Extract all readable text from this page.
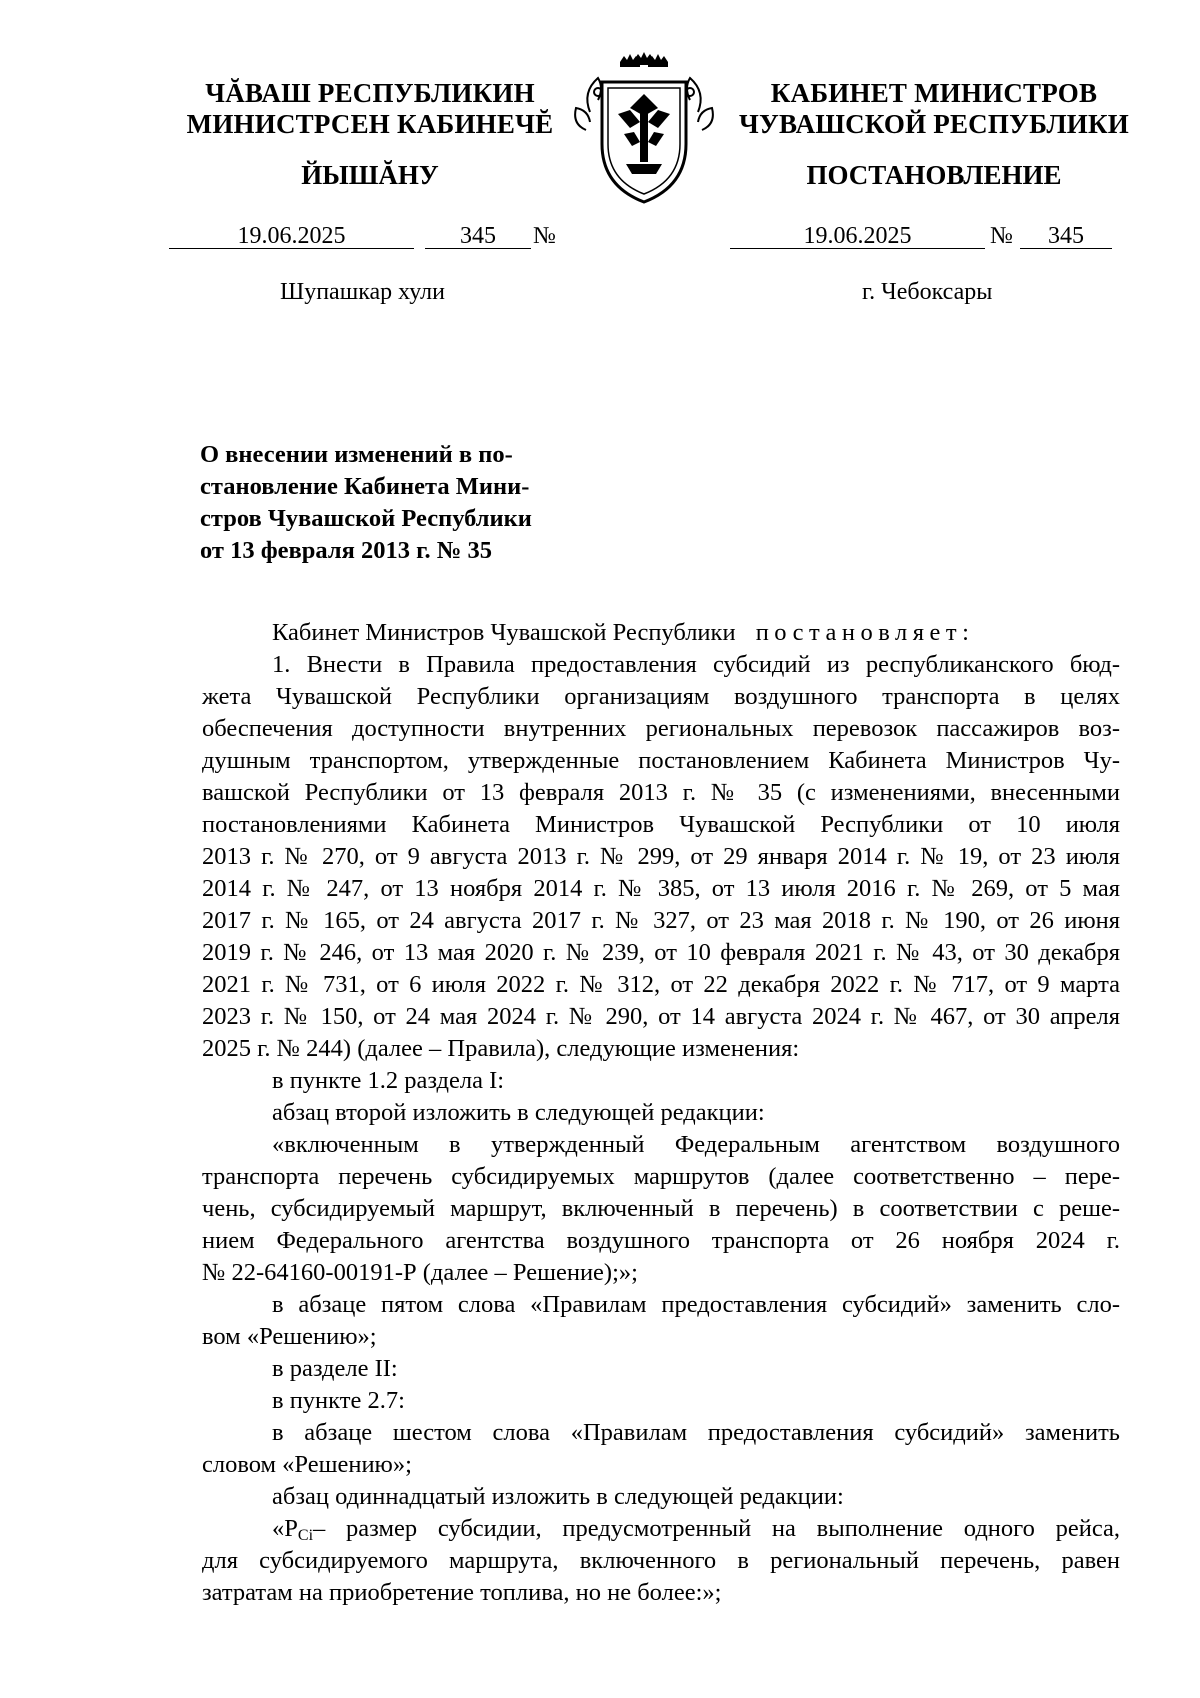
ЧĂВАШ РЕСПУБЛИКИН
МИНИСТРСЕН КАБИНЕЧĔ
ЙЫШĂНУ
КАБИНЕТ МИНИСТРОВ
ЧУВАШСКОЙ РЕСПУБЛИКИ
ПОСТАНОВЛЕНИЕ
19.06.2025	345	№	19.06.2025	№	345
Шупашкар хули	г. Чебоксары
О внесении изменений в по-
становление Кабинета Мини-
стров Чувашской Республики
от 13 февраля 2013 г. № 35
Кабинет Министров Чувашской Республики постановляет:
1. Внести в Правила предоставления субсидий из республиканского бюд-
жета Чувашской Республики организациям воздушного транспорта в целях
обеспечения доступности внутренних региональных перевозок пассажиров воз-
душным транспортом, утвержденные постановлением Кабинета Министров Чу-
вашской Республики от 13 февраля 2013 г. № 35 (с изменениями, внесенными
постановлениями Кабинета Министров Чувашской Республики от 10 июля
2013 г. № 270, от 9 августа 2013 г. № 299, от 29 января 2014 г. № 19, от 23 июля
2014 г. № 247, от 13 ноября 2014 г. № 385, от 13 июля 2016 г. № 269, от 5 мая
2017 г. № 165, от 24 августа 2017 г. № 327, от 23 мая 2018 г. № 190, от 26 июня
2019 г. № 246, от 13 мая 2020 г. № 239, от 10 февраля 2021 г. № 43, от 30 декабря
2021 г. № 731, от 6 июля 2022 г. № 312, от 22 декабря 2022 г. № 717, от 9 марта
2023 г. № 150, от 24 мая 2024 г. № 290, от 14 августа 2024 г. № 467, от 30 апреля
2025 г. № 244) (далее – Правила), следующие изменения:
в пункте 1.2 раздела I:
абзац второй изложить в следующей редакции:
«включенным в утвержденный Федеральным агентством воздушного
транспорта перечень субсидируемых маршрутов (далее соответственно – пере-
чень, субсидируемый маршрут, включенный в перечень) в соответствии с реше-
нием Федерального агентства воздушного транспорта от 26 ноября 2024 г.
№ 22-64160-00191-Р (далее – Решение);»;
в абзаце пятом слова «Правилам предоставления субсидий» заменить сло-
вом «Решению»;
в разделе II:
в пункте 2.7:
в абзаце шестом слова «Правилам предоставления субсидий» заменить
словом «Решению»;
абзац одиннадцатый изложить в следующей редакции:
«$Р_{Ci}$ – размер субсидии, предусмотренный на выполнение одного рейса,
для субсидируемого маршрута, включенного в региональный перечень, равен
затратам на приобретение топлива, но не более:»;
